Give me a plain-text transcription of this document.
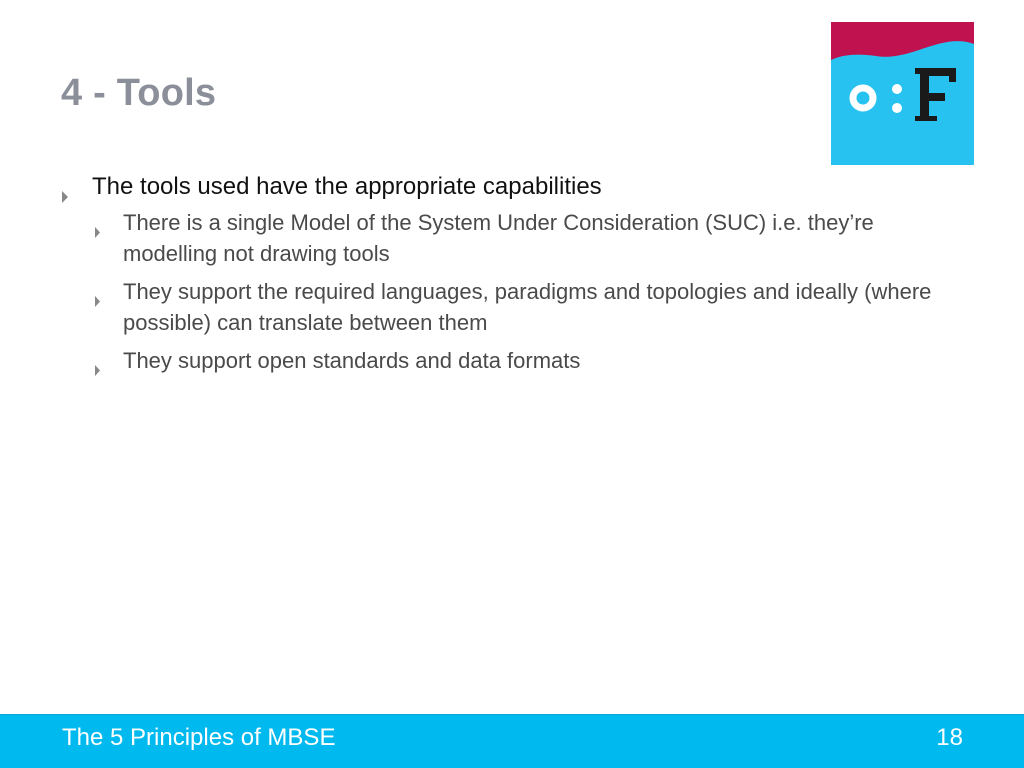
4 - Tools
The tools used have the appropriate capabilities
There is a single Model of the System Under Consideration (SUC) i.e. they’re modelling not drawing tools
They support the required languages, paradigms and topologies and ideally (where possible) can translate between them
They support open standards and data formats
The 5 Principles of MBSE	18
